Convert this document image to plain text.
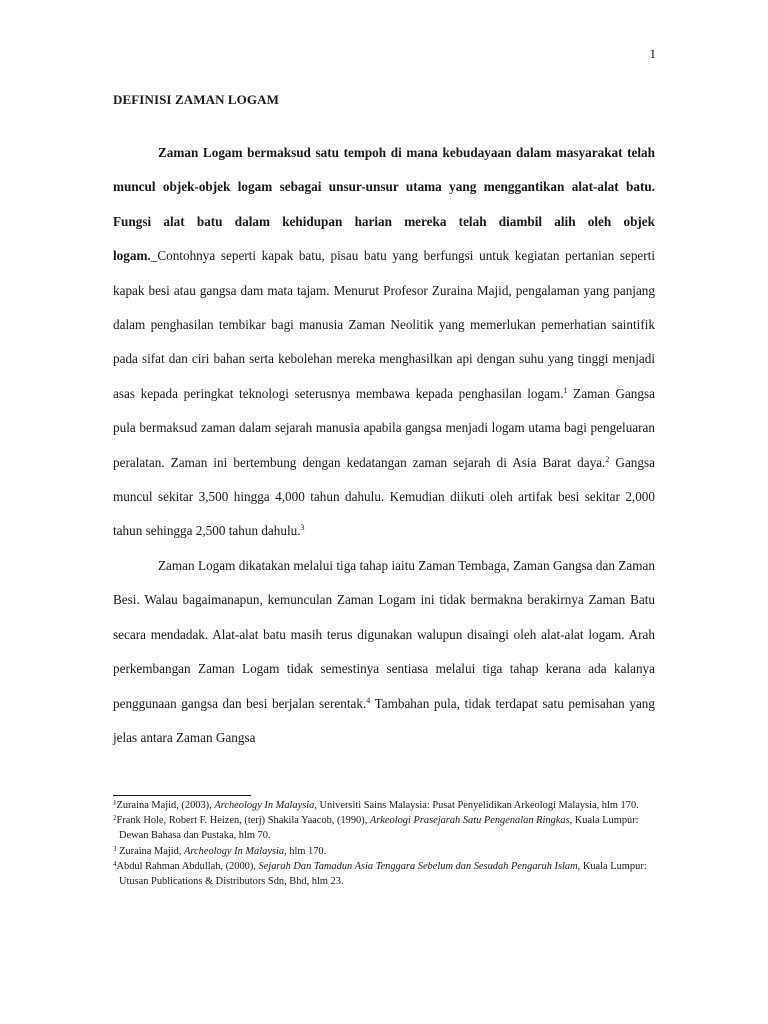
1
DEFINISI ZAMAN LOGAM

Zaman Logam bermaksud satu tempoh di mana kebudayaan dalam masyarakat telah muncul objek-objek logam sebagai unsur-unsur utama yang menggantikan alat-alat batu. Fungsi alat batu dalam kehidupan harian mereka telah diambil alih oleh objek logam._Contohnya seperti kapak batu, pisau batu yang berfungsi untuk kegiatan pertanian seperti kapak besi atau gangsa dam mata tajam. Menurut Profesor Zuraina Majid, pengalaman yang panjang dalam penghasilan tembikar bagi manusia Zaman Neolitik yang memerlukan pemerhatian saintifik pada sifat dan ciri bahan serta kebolehan mereka menghasilkan api dengan suhu yang tinggi menjadi asas kepada peringkat teknologi seterusnya membawa kepada penghasilan logam.$^1$ Zaman Gangsa pula bermaksud zaman dalam sejarah manusia apabila gangsa menjadi logam utama bagi pengeluaran peralatan. Zaman ini bertembung dengan kedatangan zaman sejarah di Asia Barat daya.$^2$ Gangsa muncul sekitar 3,500 hingga 4,000 tahun dahulu. Kemudian diikuti oleh artifak besi sekitar 2,000 tahun sehingga 2,500 tahun dahulu.$^3$

Zaman Logam dikatakan melalui tiga tahap iaitu Zaman Tembaga, Zaman Gangsa dan Zaman Besi. Walau bagaimanapun, kemunculan Zaman Logam ini tidak bermakna berakirnya Zaman Batu secara mendadak. Alat-alat batu masih terus digunakan walupun disaingi oleh alat-alat logam. Arah perkembangan Zaman Logam tidak semestinya sentiasa melalui tiga tahap kerana ada kalanya penggunaan gangsa dan besi berjalan serentak.$^4$ Tambahan pula, tidak terdapat satu pemisahan yang jelas antara Zaman Gangsa

$^1$Zuraina Majid, (2003), Archeology In Malaysia, Universiti Sains Malaysia: Pusat Penyelidikan Arkeologi Malaysia, hlm 170.

$^2$Frank Hole, Robert F. Heizen, (terj) Shakila Yaacob, (1990), Arkeologi Prasejarah Satu Pengenalan Ringkas, Kuala Lumpur: Dewan Bahasa dan Pustaka, hlm 70.

$^3$ Zuraina Majid, Archeology In Malaysia, hlm 170.

$^4$Abdul Rahman Abdullah, (2000), Sejarah Dan Tamadun Asia Tenggara Sebelum dan Sesudah Pengaruh Islam, Kuala Lumpur: Utusan Publications & Distributors Sdn, Bhd, hlm 23.
